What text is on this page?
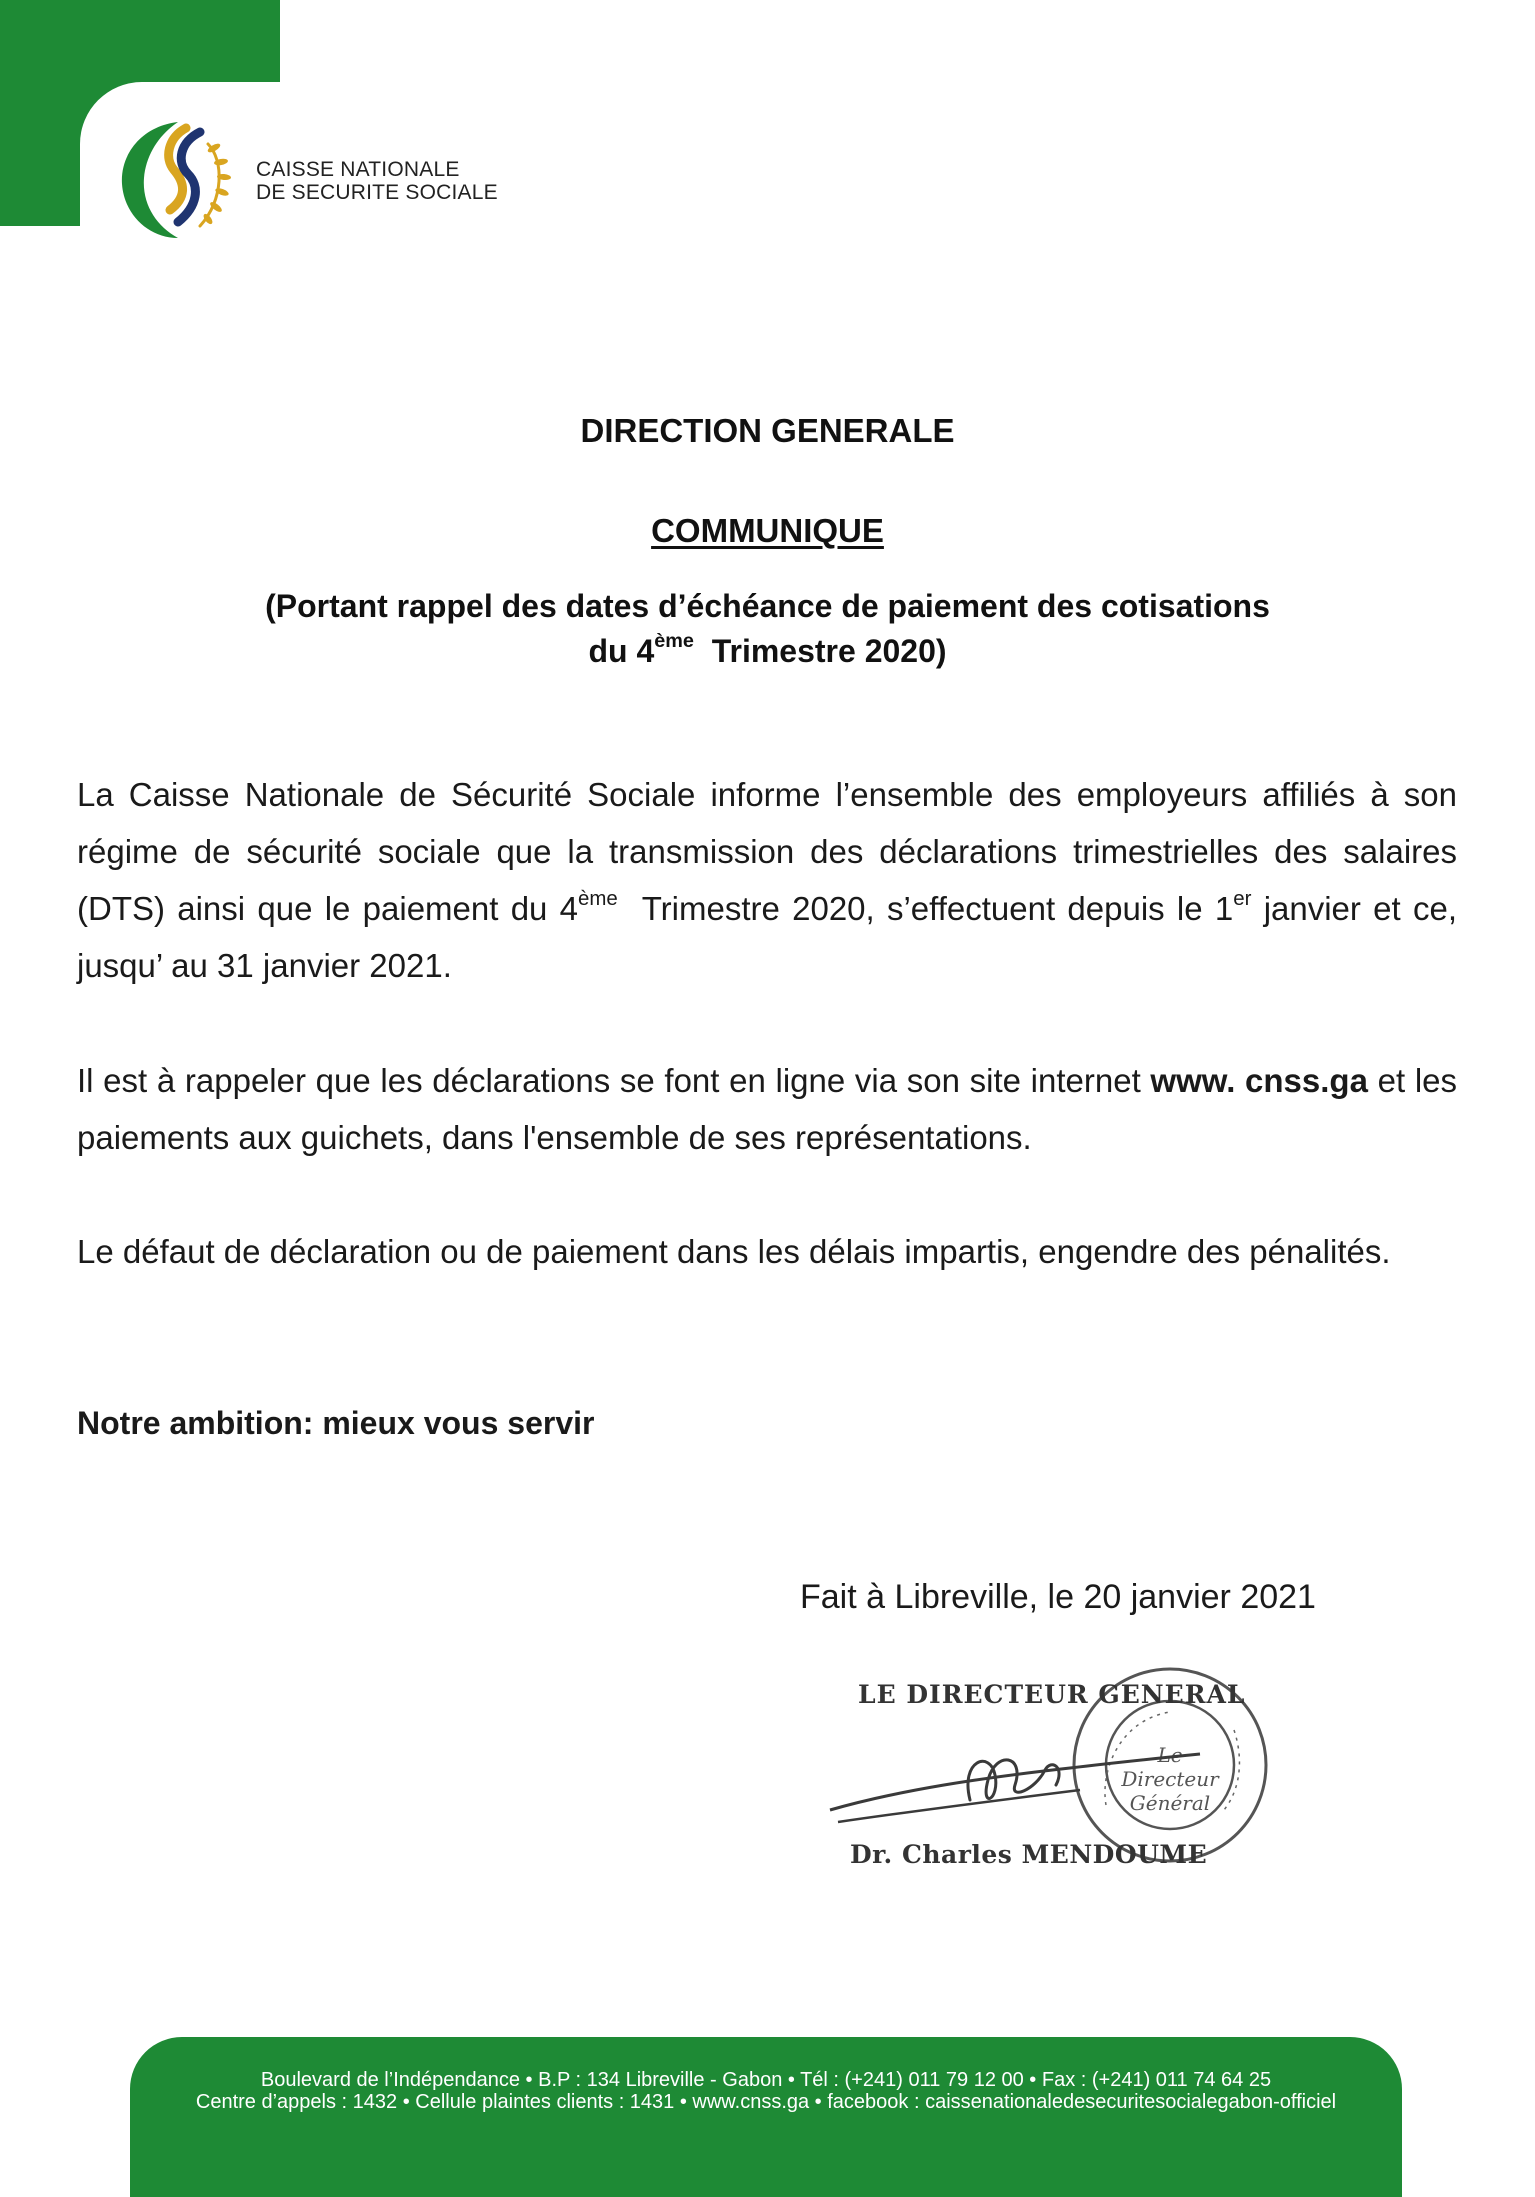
CAISSE NATIONALE
DE SECURITE SOCIALE
DIRECTION GENERALE
COMMUNIQUE
(Portant rappel des dates d’échéance de paiement des cotisations
du 4ème  Trimestre 2020)
La Caisse Nationale de Sécurité Sociale informe l’ensemble des employeurs affiliés à son
régime de sécurité sociale que la transmission des déclarations trimestrielles des salaires
(DTS) ainsi que le paiement du 4ème  Trimestre 2020, s’effectuent depuis le 1er janvier et ce,
jusqu’ au 31 janvier 2021.
Il est à rappeler que les déclarations se font en ligne via son site internet www. cnss.ga et les
paiements aux guichets, dans l'ensemble de ses représentations.
Le défaut de déclaration ou de paiement dans les délais impartis, engendre des pénalités.
Notre ambition: mieux vous servir
Fait à Libreville, le 20 janvier 2021
Le
Directeur
Général
LE DIRECTEUR GENERAL
Dr. Charles MENDOUME
Boulevard de l’Indépendance • B.P : 134 Libreville - Gabon • Tél : (+241) 011 79 12 00 • Fax : (+241) 011 74 64 25
Centre d’appels : 1432 • Cellule plaintes clients : 1431 • www.cnss.ga • facebook : caissenationaledesecuritesocialegabon-officiel
